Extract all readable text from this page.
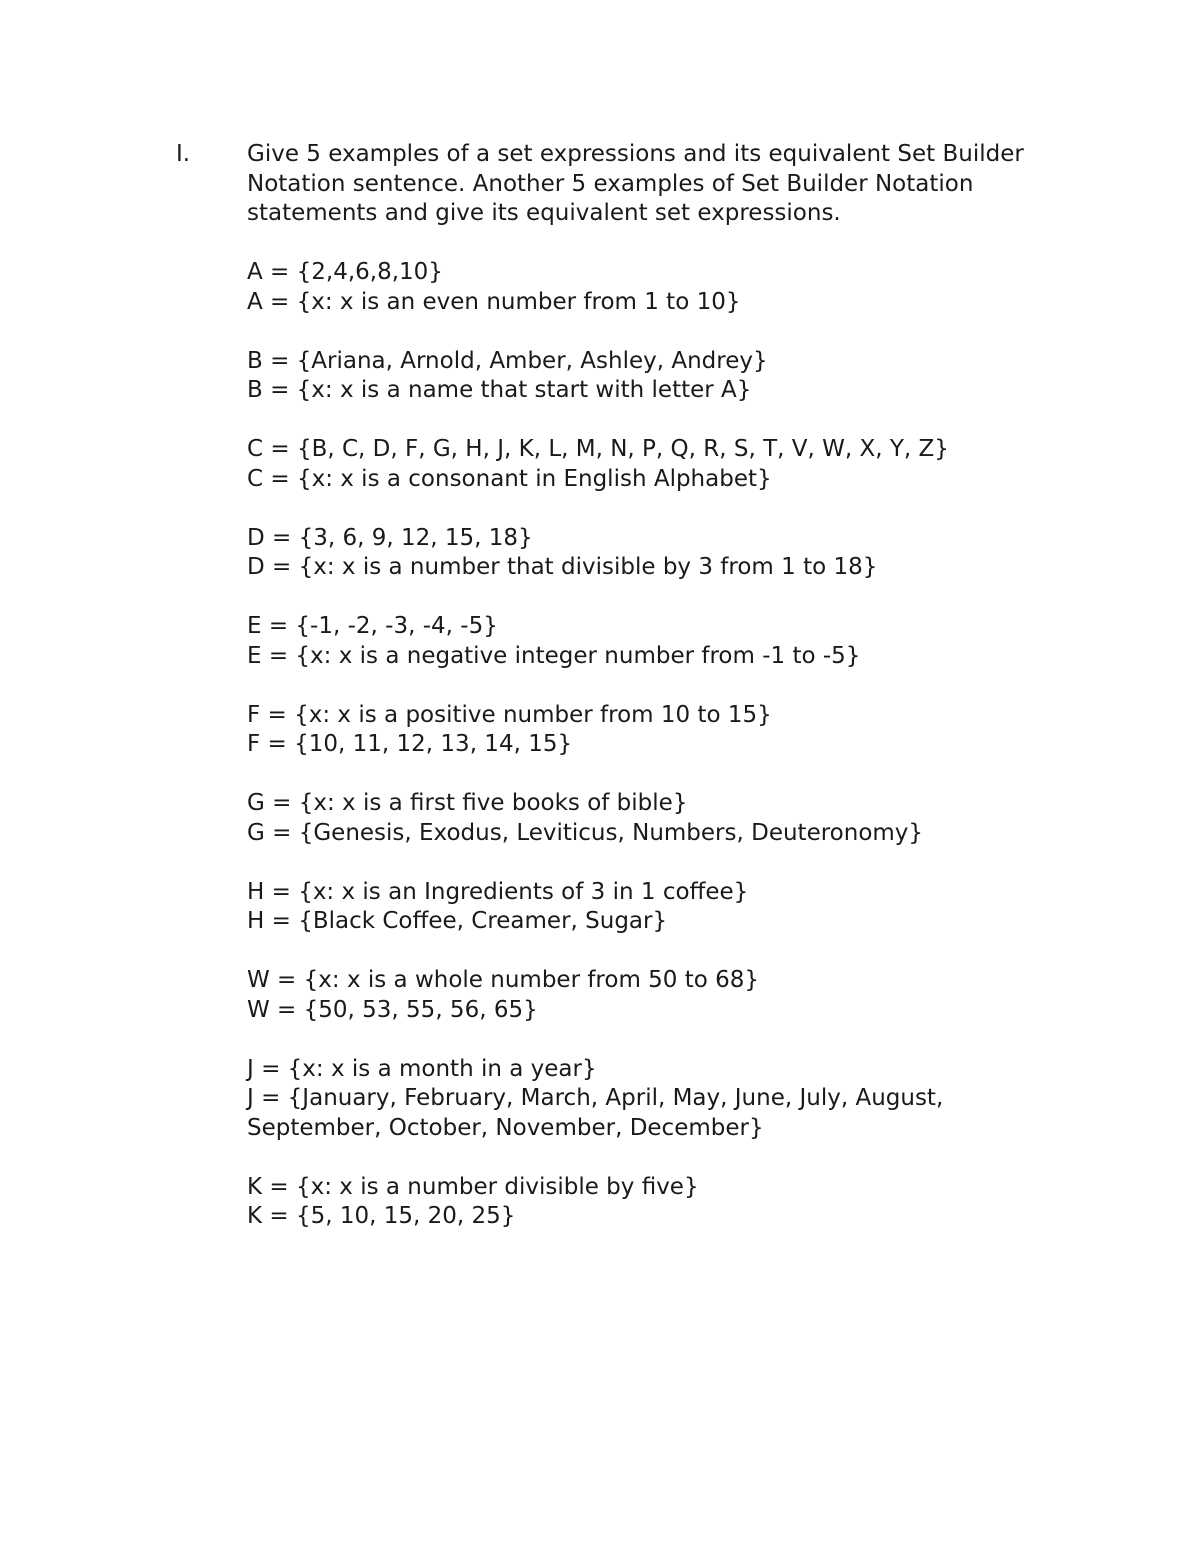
I. Give 5 examples of a set expressions and its equivalent Set Builder
Notation sentence. Another 5 examples of Set Builder Notation
statements and give its equivalent set expressions.
A = {2,4,6,8,10}
A = {x: x is an even number from 1 to 10}
B = {Ariana, Arnold, Amber, Ashley, Andrey}
B = {x: x is a name that start with letter A}
C = {B, C, D, F, G, H, J, K, L, M, N, P, Q, R, S, T, V, W, X, Y, Z}
C = {x: x is a consonant in English Alphabet}
D = {3, 6, 9, 12, 15, 18}
D = {x: x is a number that divisible by 3 from 1 to 18}
E = {-1, -2, -3, -4, -5}
E = {x: x is a negative integer number from -1 to -5}
F = {x: x is a positive number from 10 to 15}
F = {10, 11, 12, 13, 14, 15}
G = {x: x is a first five books of bible}
G = {Genesis, Exodus, Leviticus, Numbers, Deuteronomy}
H = {x: x is an Ingredients of 3 in 1 coffee}
H = {Black Coffee, Creamer, Sugar}
W = {x: x is a whole number from 50 to 68}
W = {50, 53, 55, 56, 65}
J = {x: x is a month in a year}
J = {January, February, March, April, May, June, July, August,
September, October, November, December}
K = {x: x is a number divisible by five}
K = {5, 10, 15, 20, 25}
